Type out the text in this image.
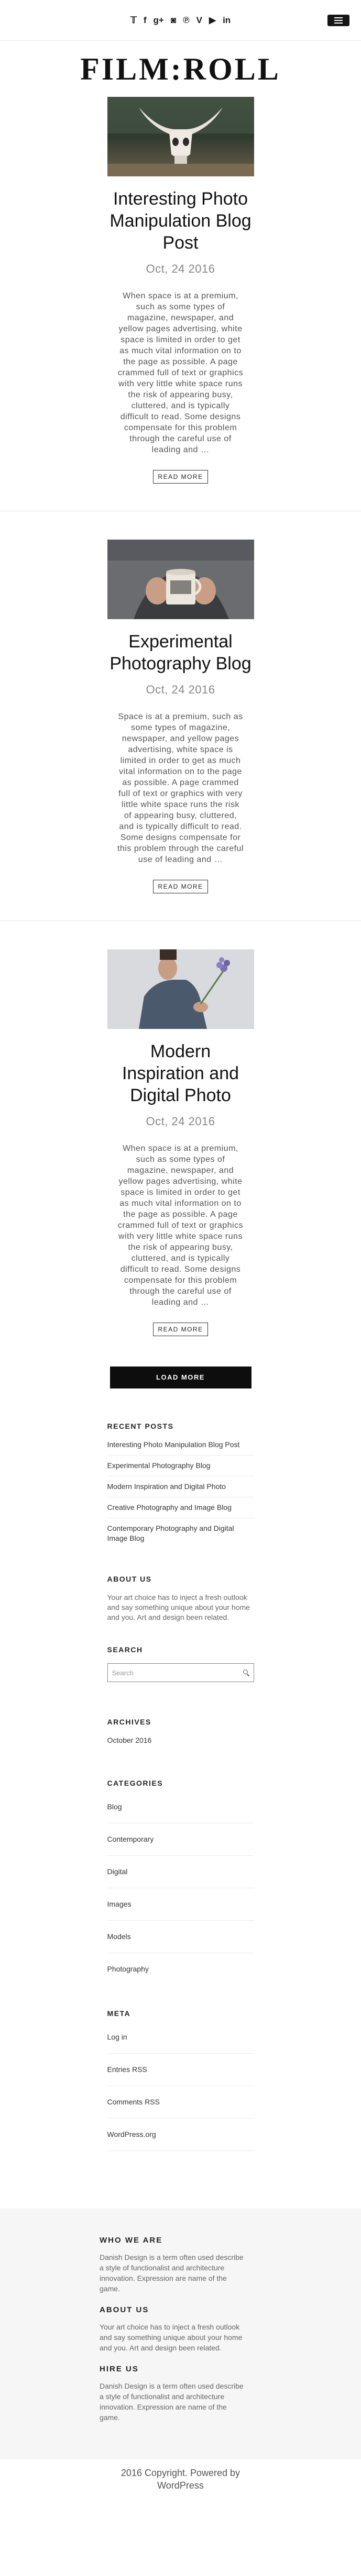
𝕋 f g+ ◙ ℗ V ▶ in
FILM:ROLL
Interesting Photo Manipulation Blog Post
Oct, 24 2016

When space is at a premium, such as some types of magazine, newspaper, and yellow pages advertising, white space is limited in order to get as much vital information on to the page as possible. A page crammed full of text or graphics with very little white space runs the risk of appearing busy, cluttered, and is typically difficult to read. Some designs compensate for this problem through the careful use of leading and …

READ MORE
Experimental Photography Blog
Oct, 24 2016

Space is at a premium, such as some types of magazine, newspaper, and yellow pages advertising, white space is limited in order to get as much vital information on to the page as possible. A page crammed full of text or graphics with very little white space runs the risk of appearing busy, cluttered, and is typically difficult to read. Some designs compensate for this problem through the careful use of leading and …

READ MORE
Modern Inspiration and Digital Photo
Oct, 24 2016

When space is at a premium, such as some types of magazine, newspaper, and yellow pages advertising, white space is limited in order to get as much vital information on to the page as possible. A page crammed full of text or graphics with very little white space runs the risk of appearing busy, cluttered, and is typically difficult to read. Some designs compensate for this problem through the careful use of leading and …

READ MORE
LOAD MORE
RECENT POSTS
Interesting Photo Manipulation Blog Post
Experimental Photography Blog
Modern Inspiration and Digital Photo
Creative Photography and Image Blog
Contemporary Photography and Digital Image Blog
ABOUT US

Your art choice has to inject a fresh outlook and say something unique about your home and you. Art and design been related.

SEARCH
Search
ARCHIVES
October 2016
CATEGORIES
Blog
Contemporary
Digital
Images
Models
Photography
META
Log in
Entries RSS
Comments RSS
WordPress.org
WHO WE ARE

Danish Design is a term often used describe a style of functionalist and architecture innovation. Expression are name of the game.

ABOUT US

Your art choice has to inject a fresh outlook and say something unique about your home and you. Art and design been related.

HIRE US

Danish Design is a term often used describe a style of functionalist and architecture innovation. Expression are name of the game.

2016 Copyright. Powered by WordPress
